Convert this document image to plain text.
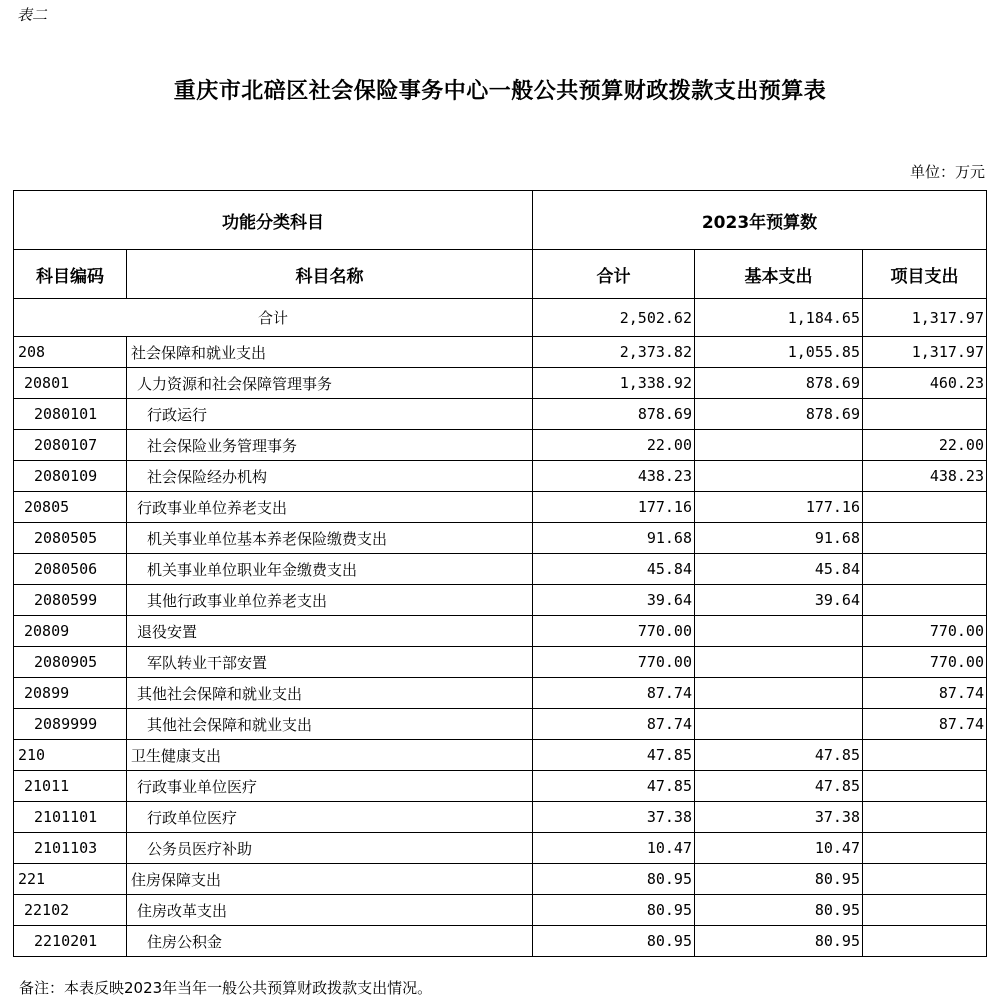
表二
重庆市北碚区社会保险事务中心一般公共预算财政拨款支出预算表
单位：万元
功能分类科目		2023年预算数		
科目编码	科目名称	合计	基本支出	项目支出
合计		2,502.62	1,184.65	1,317.97
208	社会保障和就业支出	2,373.82	1,055.85	1,317.97
20801	人力资源和社会保障管理事务	1,338.92	878.69	460.23
2080101	行政运行	878.69	878.69	
2080107	社会保险业务管理事务	22.00		22.00
2080109	社会保险经办机构	438.23		438.23
20805	行政事业单位养老支出	177.16	177.16	
2080505	机关事业单位基本养老保险缴费支出	91.68	91.68	
2080506	机关事业单位职业年金缴费支出	45.84	45.84	
2080599	其他行政事业单位养老支出	39.64	39.64	
20809	退役安置	770.00		770.00
2080905	军队转业干部安置	770.00		770.00
20899	其他社会保障和就业支出	87.74		87.74
2089999	其他社会保障和就业支出	87.74		87.74
210	卫生健康支出	47.85	47.85	
21011	行政事业单位医疗	47.85	47.85	
2101101	行政单位医疗	37.38	37.38	
2101103	公务员医疗补助	10.47	10.47	
221	住房保障支出	80.95	80.95	
22102	住房改革支出	80.95	80.95	
2210201	住房公积金	80.95	80.95	
备注：本表反映2023年当年一般公共预算财政拨款支出情况。
